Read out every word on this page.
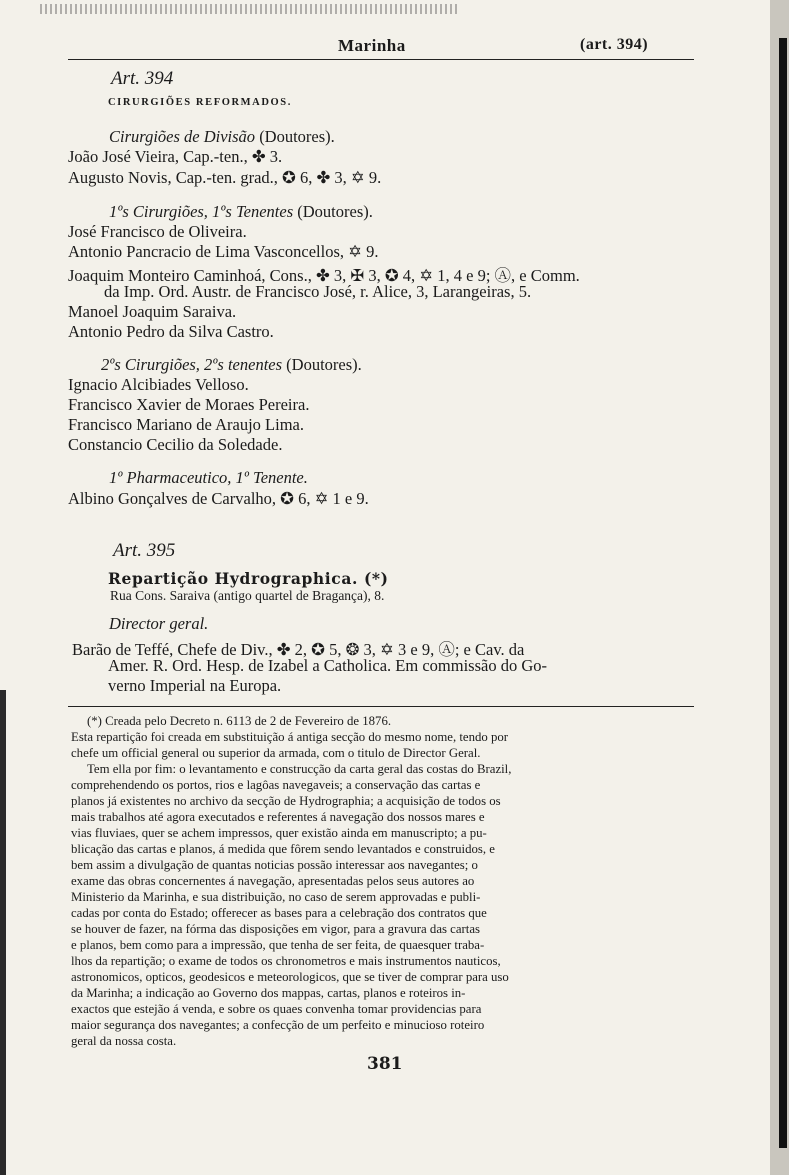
Marinha	(art. 394)
Art. 394
CIRURGIÕES REFORMADOS.
Cirurgiões de Divisão (Doutores).
João José Vieira, Cap.-ten., ✤ 3.
Augusto Novis, Cap.-ten. grad., ✪ 6, ✤ 3, ✡ 9.
1ºs Cirurgiões, 1ºs Tenentes (Doutores).
José Francisco de Oliveira.
Antonio Pancracio de Lima Vasconcellos, ✡ 9.
Joaquim Monteiro Caminhoá, Cons., ✤ 3, ✠ 3, ✪ 4, ✡ 1, 4 e 9; Ⓐ, e Comm.
da Imp. Ord. Austr. de Francisco José, r. Alice, 3, Larangeiras, 5.
Manoel Joaquim Saraiva.
Antonio Pedro da Silva Castro.
2ºs Cirurgiões, 2ºs tenentes (Doutores).
Ignacio Alcibiades Velloso.
Francisco Xavier de Moraes Pereira.
Francisco Mariano de Araujo Lima.
Constancio Cecilio da Soledade.
1º Pharmaceutico, 1º Tenente.
Albino Gonçalves de Carvalho, ✪ 6, ✡ 1 e 9.
Art. 395
Repartição Hydrographica. (*)
Rua Cons. Saraiva (antigo quartel de Bragança), 8.
Director geral.
Barão de Teffé, Chefe de Div., ✤ 2, ✪ 5, ❂ 3, ✡ 3 e 9, Ⓐ; e Cav. da
Amer. R. Ord. Hesp. de Izabel a Catholica. Em commissão do Go-
verno Imperial na Europa.
(*) Creada pelo Decreto n. 6113 de 2 de Fevereiro de 1876.
Esta repartição foi creada em substituição á antiga secção do mesmo nome, tendo por
chefe um official general ou superior da armada, com o titulo de Director Geral.
Tem ella por fim: o levantamento e construcção da carta geral das costas do Brazil,
comprehendendo os portos, rios e lagôas navegaveis; a conservação das cartas e
planos já existentes no archivo da secção de Hydrographia; a acquisição de todos os
mais trabalhos até agora executados e referentes á navegação dos nossos mares e
vias fluviaes, quer se achem impressos, quer existão ainda em manuscripto; a pu-
blicação das cartas e planos, á medida que fôrem sendo levantados e construidos, e
bem assim a divulgação de quantas noticias possão interessar aos navegantes; o
exame das obras concernentes á navegação, apresentadas pelos seus autores ao
Ministerio da Marinha, e sua distribuição, no caso de serem approvadas e publi-
cadas por conta do Estado; offerecer as bases para a celebração dos contratos que
se houver de fazer, na fórma das disposições em vigor, para a gravura das cartas
e planos, bem como para a impressão, que tenha de ser feita, de quaesquer traba-
lhos da repartição; o exame de todos os chronometros e mais instrumentos nauticos,
astronomicos, opticos, geodesicos e meteorologicos, que se tiver de comprar para uso
da Marinha; a indicação ao Governo dos mappas, cartas, planos e roteiros in-
exactos que estejão á venda, e sobre os quaes convenha tomar providencias para
maior segurança dos navegantes; a confecção de um perfeito e minucioso roteiro
geral da nossa costa.
381
